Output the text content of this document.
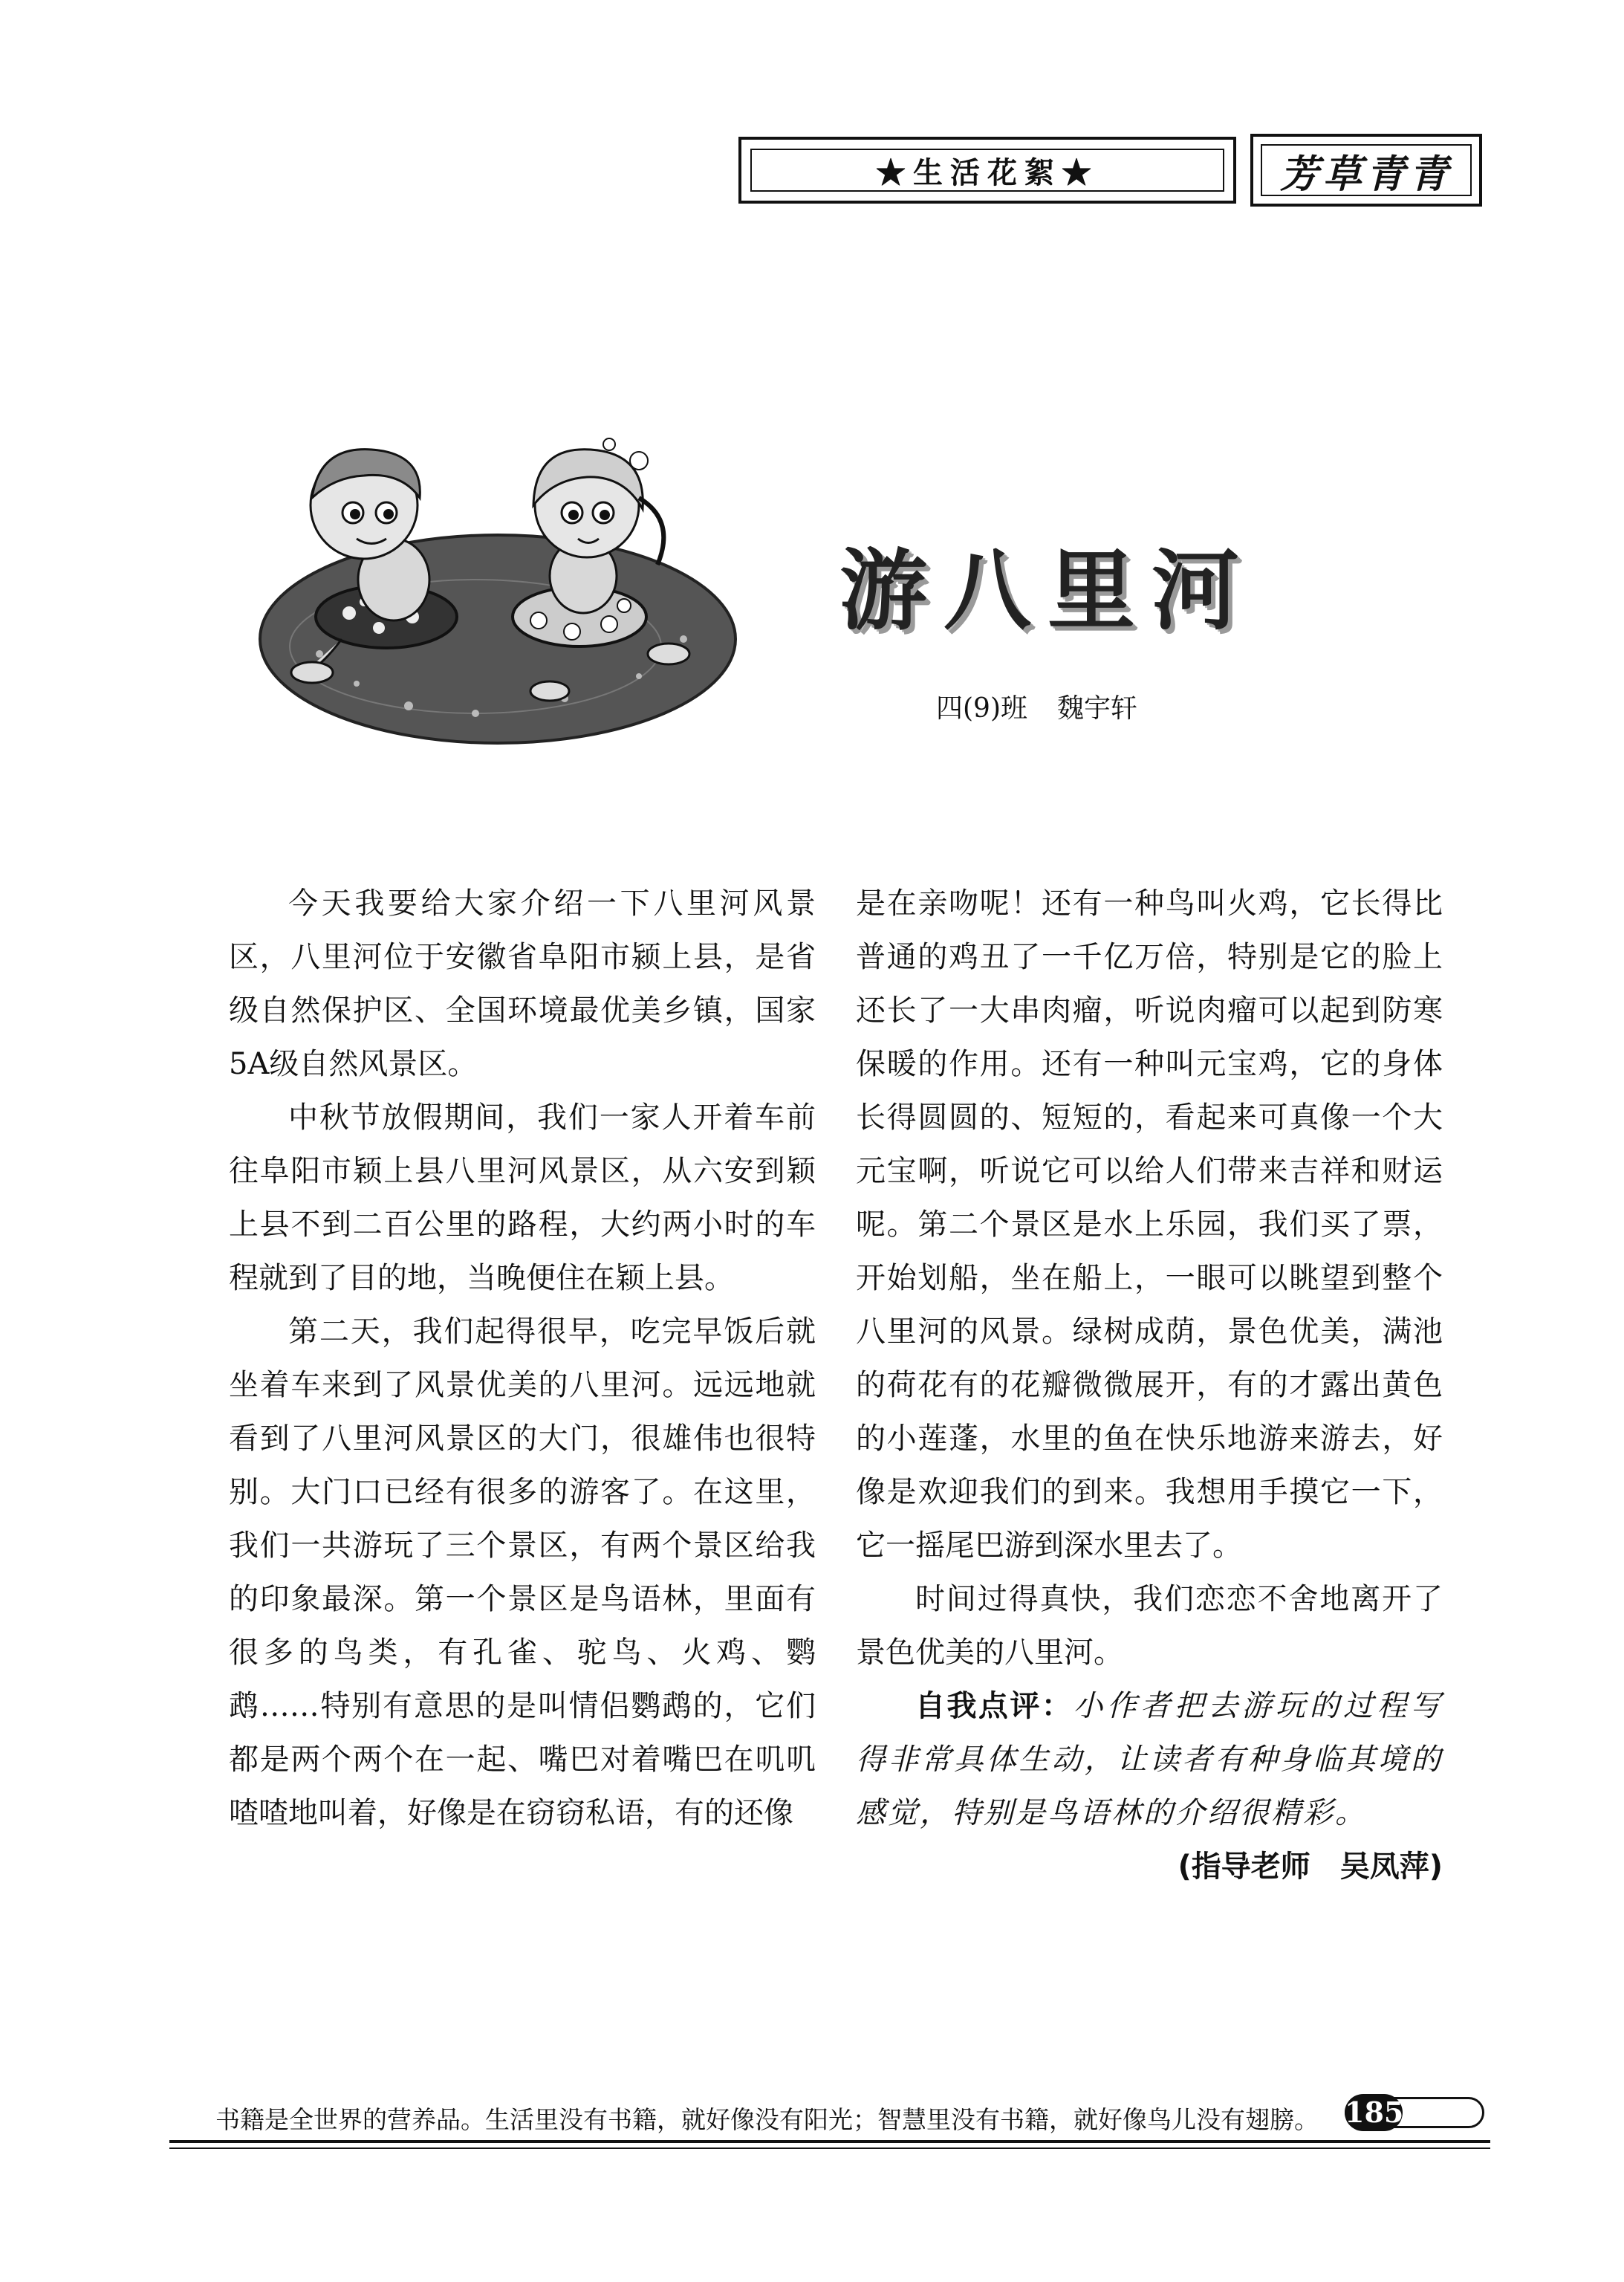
★生活花絮★	芳草青青
游八里河
四(9)班 魏宇轩

今天我要给大家介绍一下八里河风景区，八里河位于安徽省阜阳市颍上县，是省级自然保护区、全国环境最优美乡镇，国家5A级自然风景区。

中秋节放假期间，我们一家人开着车前往阜阳市颖上县八里河风景区，从六安到颖上县不到二百公里的路程，大约两小时的车程就到了目的地，当晚便住在颖上县。

第二天，我们起得很早，吃完早饭后就坐着车来到了风景优美的八里河。远远地就看到了八里河风景区的大门，很雄伟也很特别。大门口已经有很多的游客了。在这里，我们一共游玩了三个景区，有两个景区给我的印象最深。第一个景区是鸟语林，里面有很多的鸟类，有孔雀、驼鸟、火鸡、鹦鹉……特别有意思的是叫情侣鹦鹉的，它们都是两个两个在一起、嘴巴对着嘴巴在叽叽喳喳地叫着，好像是在窃窃私语，有的还像

是在亲吻呢！还有一种鸟叫火鸡，它长得比普通的鸡丑了一千亿万倍，特别是它的脸上还长了一大串肉瘤，听说肉瘤可以起到防寒保暖的作用。还有一种叫元宝鸡，它的身体长得圆圆的、短短的，看起来可真像一个大元宝啊，听说它可以给人们带来吉祥和财运呢。第二个景区是水上乐园，我们买了票，开始划船，坐在船上，一眼可以眺望到整个八里河的风景。绿树成荫，景色优美，满池的荷花有的花瓣微微展开，有的才露出黄色的小莲蓬，水里的鱼在快乐地游来游去，好像是欢迎我们的到来。我想用手摸它一下，它一摇尾巴游到深水里去了。

时间过得真快，我们恋恋不舍地离开了景色优美的八里河。

自我点评：小作者把去游玩的过程写得非常具体生动，让读者有种身临其境的感觉，特别是鸟语林的介绍很精彩。

(指导老师　吴凤萍)
书籍是全世界的营养品。生活里没有书籍，就好像没有阳光；智慧里没有书籍，就好像鸟儿没有翅膀。 185
